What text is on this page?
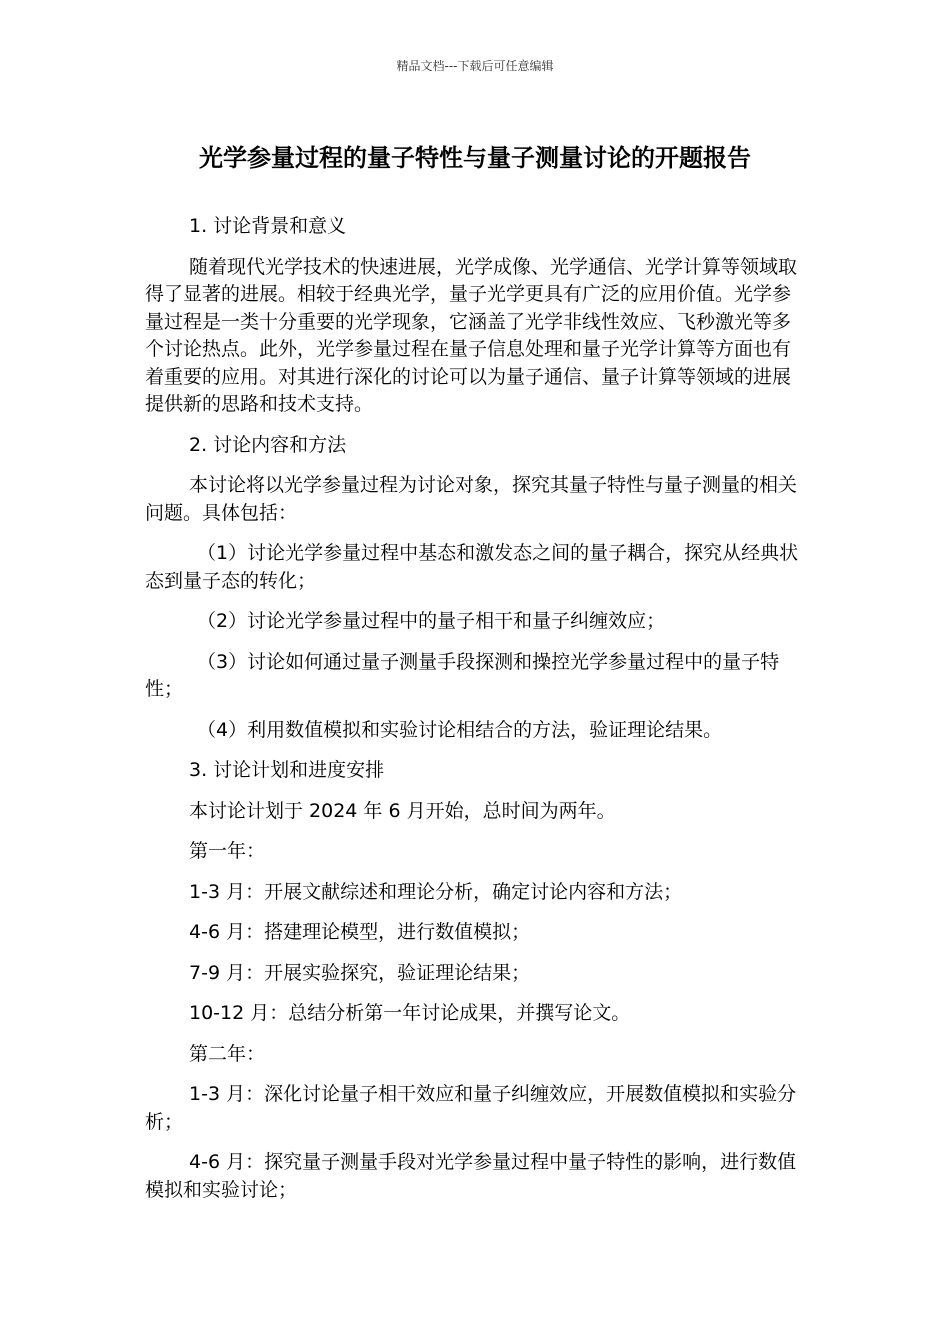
精品文档---下载后可任意编辑
光学参量过程的量子特性与量子测量讨论的开题报告

1. 讨论背景和意义

随着现代光学技术的快速进展，光学成像、光学通信、光学计算等领域取得了显著的进展。相较于经典光学，量子光学更具有广泛的应用价值。光学参量过程是一类十分重要的光学现象，它涵盖了光学非线性效应、飞秒激光等多个讨论热点。此外，光学参量过程在量子信息处理和量子光学计算等方面也有着重要的应用。对其进行深化的讨论可以为量子通信、量子计算等领域的进展提供新的思路和技术支持。

2. 讨论内容和方法

本讨论将以光学参量过程为讨论对象，探究其量子特性与量子测量的相关问题。具体包括：

（1）讨论光学参量过程中基态和激发态之间的量子耦合，探究从经典状态到量子态的转化；

（2）讨论光学参量过程中的量子相干和量子纠缠效应；

（3）讨论如何通过量子测量手段探测和操控光学参量过程中的量子特性；

（4）利用数值模拟和实验讨论相结合的方法，验证理论结果。

3. 讨论计划和进度安排

本讨论计划于 2024 年 6 月开始，总时间为两年。

第一年：

1-3 月：开展文献综述和理论分析，确定讨论内容和方法；

4-6 月：搭建理论模型，进行数值模拟；

7-9 月：开展实验探究，验证理论结果；

10-12 月：总结分析第一年讨论成果，并撰写论文。

第二年：

1-3 月：深化讨论量子相干效应和量子纠缠效应，开展数值模拟和实验分析；

4-6 月：探究量子测量手段对光学参量过程中量子特性的影响，进行数值模拟和实验讨论；
